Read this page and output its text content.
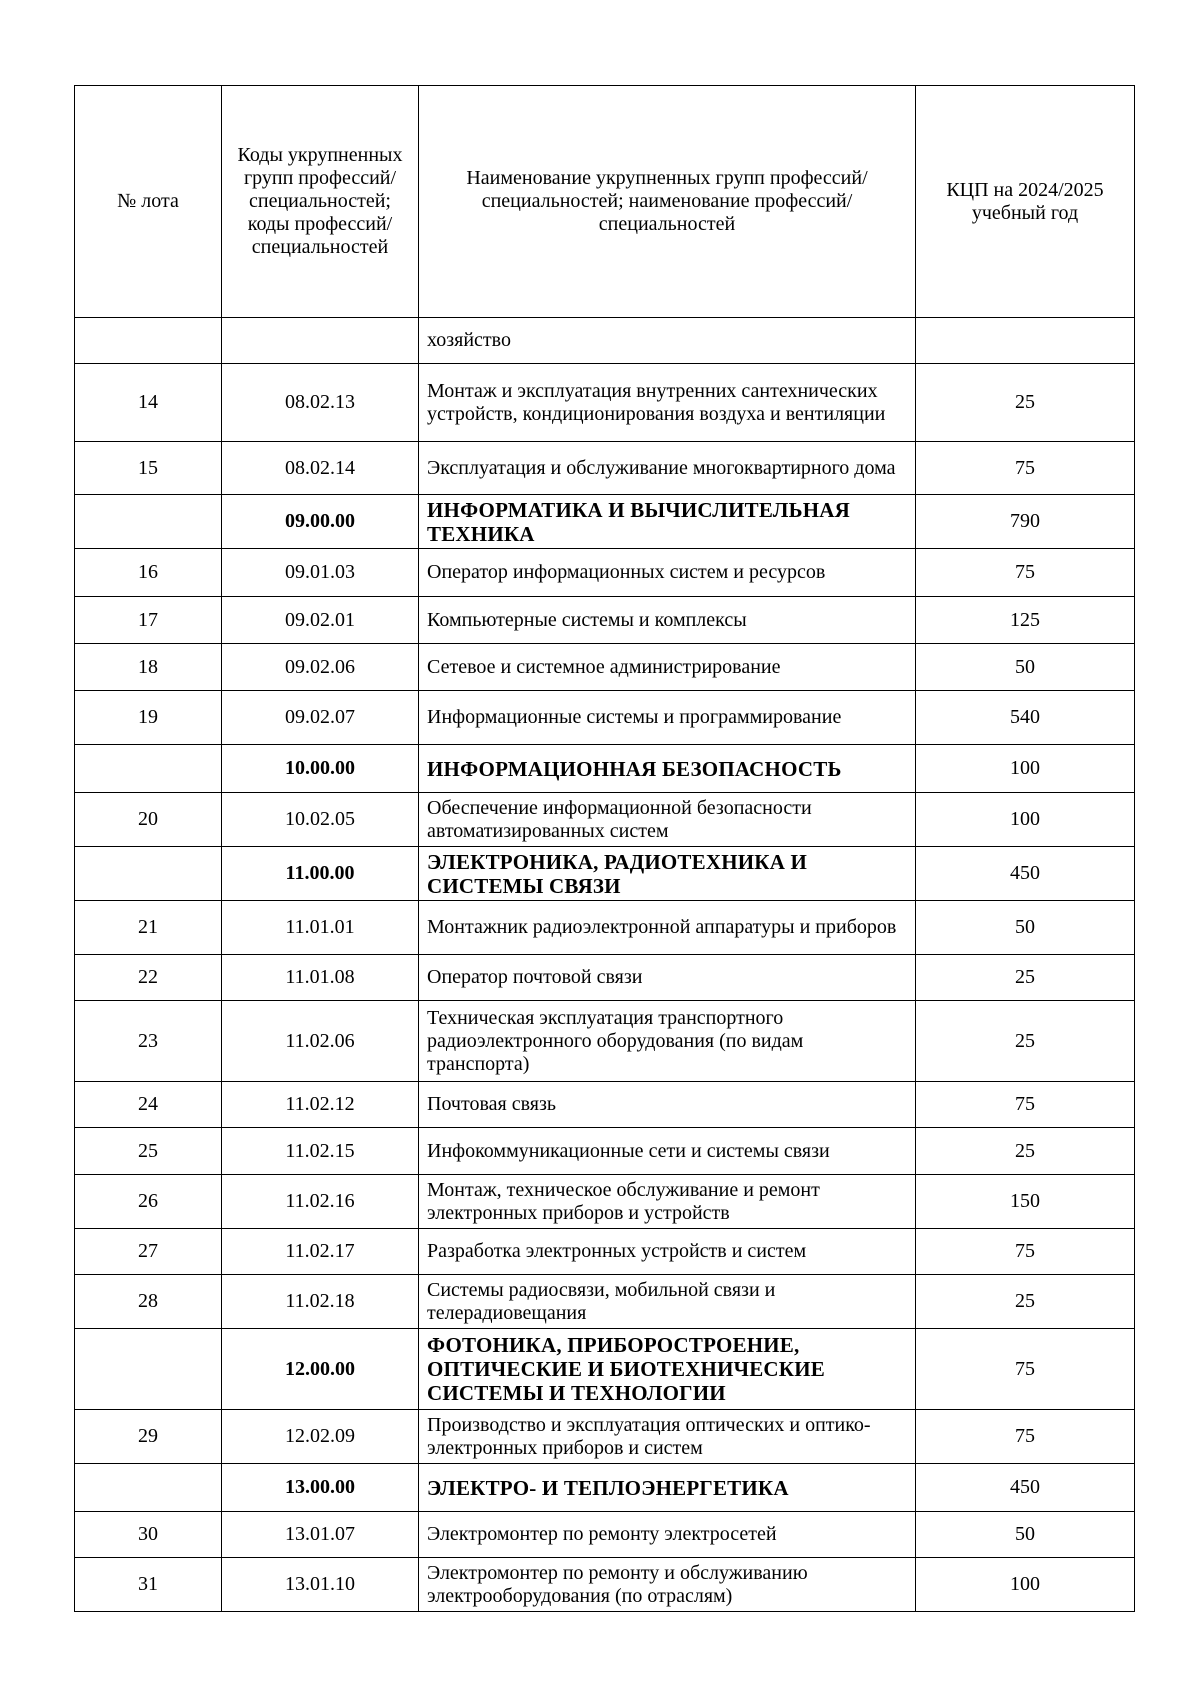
№ лота	Коды укрупненных групп профессий/ специальностей; коды профессий/ специальностей	Наименование укрупненных групп профессий/ специальностей; наименование профессий/ специальностей	КЦП на 2024/2025 учебный год
		хозяйство	
14	08.02.13	Монтаж и эксплуатация внутренних сантехнических устройств, кондиционирования воздуха и вентиляции	25
15	08.02.14	Эксплуатация и обслуживание многоквартирного дома	75
	09.00.00	ИНФОРМАТИКА И ВЫЧИСЛИТЕЛЬНАЯ ТЕХНИКА	790
16	09.01.03	Оператор информационных систем и ресурсов	75
17	09.02.01	Компьютерные системы и комплексы	125
18	09.02.06	Сетевое и системное администрирование	50
19	09.02.07	Информационные системы и программирование	540
	10.00.00	ИНФОРМАЦИОННАЯ БЕЗОПАСНОСТЬ	100
20	10.02.05	Обеспечение информационной безопасности автоматизированных систем	100
	11.00.00	ЭЛЕКТРОНИКА, РАДИОТЕХНИКА И СИСТЕМЫ СВЯЗИ	450
21	11.01.01	Монтажник радиоэлектронной аппаратуры и приборов	50
22	11.01.08	Оператор почтовой связи	25
23	11.02.06	Техническая эксплуатация транспортного радиоэлектронного оборудования (по видам транспорта)	25
24	11.02.12	Почтовая связь	75
25	11.02.15	Инфокоммуникационные сети и системы связи	25
26	11.02.16	Монтаж, техническое обслуживание и ремонт электронных приборов и устройств	150
27	11.02.17	Разработка электронных устройств и систем	75
28	11.02.18	Системы радиосвязи, мобильной связи и телерадиовещания	25
	12.00.00	ФОТОНИКА, ПРИБОРОСТРОЕНИЕ, ОПТИЧЕСКИЕ И БИОТЕХНИЧЕСКИЕ СИСТЕМЫ И ТЕХНОЛОГИИ	75
29	12.02.09	Производство и эксплуатация оптических и оптико-электронных приборов и систем	75
	13.00.00	ЭЛЕКТРО- И ТЕПЛОЭНЕРГЕТИКА	450
30	13.01.07	Электромонтер по ремонту электросетей	50
31	13.01.10	Электромонтер по ремонту и обслуживанию электрооборудования (по отраслям)	100
